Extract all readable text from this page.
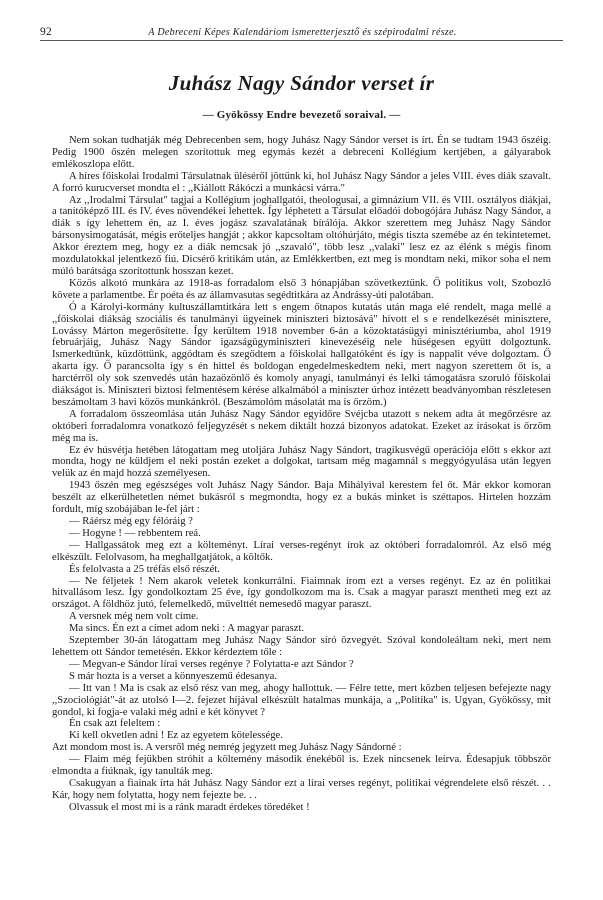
92	A Debreceni Képes Kalendáriom ismeretterjesztő és szépirodalmi része.
Juhász Nagy Sándor verset ír
— Gyökössy Endre bevezető soraival. —

Nem sokan tudhatják még Debrecenben sem, hogy Juhász Nagy Sándor verset is írt. Én se tudtam 1943 őszéig. Pedig 1900 őszén melegen szorítottuk meg egymás kezét a debreceni Kollégium kertjében, a gályarabok emlékoszlopa előtt.

A híres főiskolai Irodalmi Társulatnak üléséről jöttünk ki, hol Juhász Nagy Sándor a jeles VIII. éves diák szavalt. A forró kurucverset mondta el : ,,Kiállott Rákóczi a munkácsi várra."

Az ,,Irodalmi Társulat" tagjai a Kollégium joghallgatói, theologusai, a gimnázium VII. és VIII. osztályos diákjai, a tanítóképző III. és IV. éves növendékei lehettek. Így léphetett a Társulat előadói dobogójára Juhász Nagy Sándor, a diák s így lehettem én, az I. éves jogász szavalatának bírálója. Akkor szerettem meg Juhász Nagy Sándor bársonysimogatását, mégis erőteljes hangját ; akkor kapcsoltam oltóhúrjáto, mégis tiszta szemébe az én tekintetemet. Akkor éreztem meg, hogy ez a diák nemcsak jó ,,szavaló", több lesz ,,valaki" lesz ez az élénk s mégis finom mozdulatokkal jelentkező fiú. Dicsérő kritikám után, az Emlékkertben, ezt meg is mondtam neki, mikor soha el nem múló barátsága szorítottunk hosszan kezet.

Közös alkotó munkára az 1918-as forradalom első 3 hónapjában szövetkeztünk. Ő politikus volt, Szobozló követe a parlamentbe. Ér poéta és az államvasutas segédtitkára az Andrássy-úti palotában.

Ó a Károlyi-kormány kultuszállamtitkára lett s engem őtnapos kutatás után maga elé rendelt, maga mellé a ,,főiskolai diákság szociális és tanulmányi ügyeinek miniszteri biztosává" hívott el s e rendelkezését minisztere, Lovássy Márton megerősítette. Így kerültem 1918 november 6-án a közoktatásügyi minisztériumba, ahol 1919 februárjáig, Juhász Nagy Sándor igazságügyminiszteri kinevezéséig nele hűségesen együtt dolgoztunk. Ismerkedtünk, küzdöttünk, aggódtam és szegődtem a főiskolai hallgatóként és így is nappalit véve dolgoztam. Ő akarta így. Ő parancsolta így s én hittel és boldogan engedelmeskedtem neki, mert nagyon szerettem őt is, a harctérről oly sok szenvedés után hazaözönlő és komoly anyagi, tanulmányi és lelki támogatásra szoruló főiskolai diákságot is. Miniszteri biztosi felmentésem kérése alkalmából a miniszter úrhoz intézett beadványomban részletesen beszámoltam 3 havi közös munkánkról. (Beszámolóm másolatát ma is őrzöm.)

A forradalom összeomlása után Juhász Nagy Sándor egyidőre Svéjcba utazott s nekem adta át megőrzésre az októberi forradalomra vonatkozó feljegyzését s nekem diktált hozzá bizonyos adatokat. Ezeket az írásokat is őrzöm még ma is.

Ez év húsvétja hetében látogattam meg utoljára Juhász Nagy Sándort, tragikusvégű operációja előtt s ekkor azt mondta, hogy ne küldjem el neki postán ezeket a dolgokat, tartsam még magamnál s meggyógyulása után legyen velük az én majd hozzá személyesen.

1943 őszén meg egészséges volt Juhász Nagy Sándor. Baja Mihályival kerestem fel őt. Már ekkor komoran beszélt az elkerülhetetlen német bukásról s megmondta, hogy ez a bukás minket is széttapos. Hirtelen hozzám fordult, míg szobájában le-fel járt :

— Ráérsz még egy félóráig ?

— Hogyne ! — rebbentem reá.

— Hallgassátok meg ezt a költeményt. Lírai verses-regényt írok az októberi forradalomról. Az első még elkészült. Felolvasom, ha meghallgatjátok, a költők.

És felolvasta a 25 tréfás első részét.

— Ne féljetek ! Nem akarok veletek konkurrálni. Fiaimnak írom ezt a verses regényt. Ez az én politikai hitvallásom lesz. Így gondolkoztam 25 éve, így gondolkozom ma is. Csak a magyar paraszt mentheti meg ezt az országot. A földhöz jutó, felemelkedő, művelttét nemesedő magyar paraszt.

A versnek még nem volt címe.

Ma sincs. Én ezt a címet adom neki : A magyar paraszt.

Szeptember 30-án látogattam meg Juhász Nagy Sándor síró özvegyét. Szóval kondoleáltam neki, mert nem lehettem ott Sándor temetésén. Ekkor kérdeztem tőle :

— Megvan-e Sándor lírai verses regénye ? Folytatta-e azt Sándor ?

S már hozta is a verset a könnyeszemű édesanya.

— Itt van ! Ma is csak az első rész van meg, ahogy hallottuk. — Félre tette, mert közben teljesen befejezte nagy ,,Szociológiát"-át az utolsó I—2. fejezet híjával elkészült hatalmas munkája, a ,,Politika" is. Ugyan, Gyökössy, mit gondol, ki fogja-e valaki még adni e két könyvet ?

Én csak azt feleltem :

Ki kell okvetlen adni ! Ez az egyetem kötelessége.

Azt mondom most is. A versről még nemrég jegyzett meg Juhász Nagy Sándorné :

— Flaim még fejükben stróhit a költemény második énekéből is. Ezek nincsenek leírva. Édesapjuk többször elmondta a fiúknak, így tanulták meg.

Csakugyan a fiainak írta hát Juhász Nagy Sándor ezt a lírai verses regényt, politikai végrendelete első részét. . . Kár, hogy nem folytatta, hogy nem fejezte be. . .

Olvassuk el most mi is a ránk maradt érdekes töredéket !
